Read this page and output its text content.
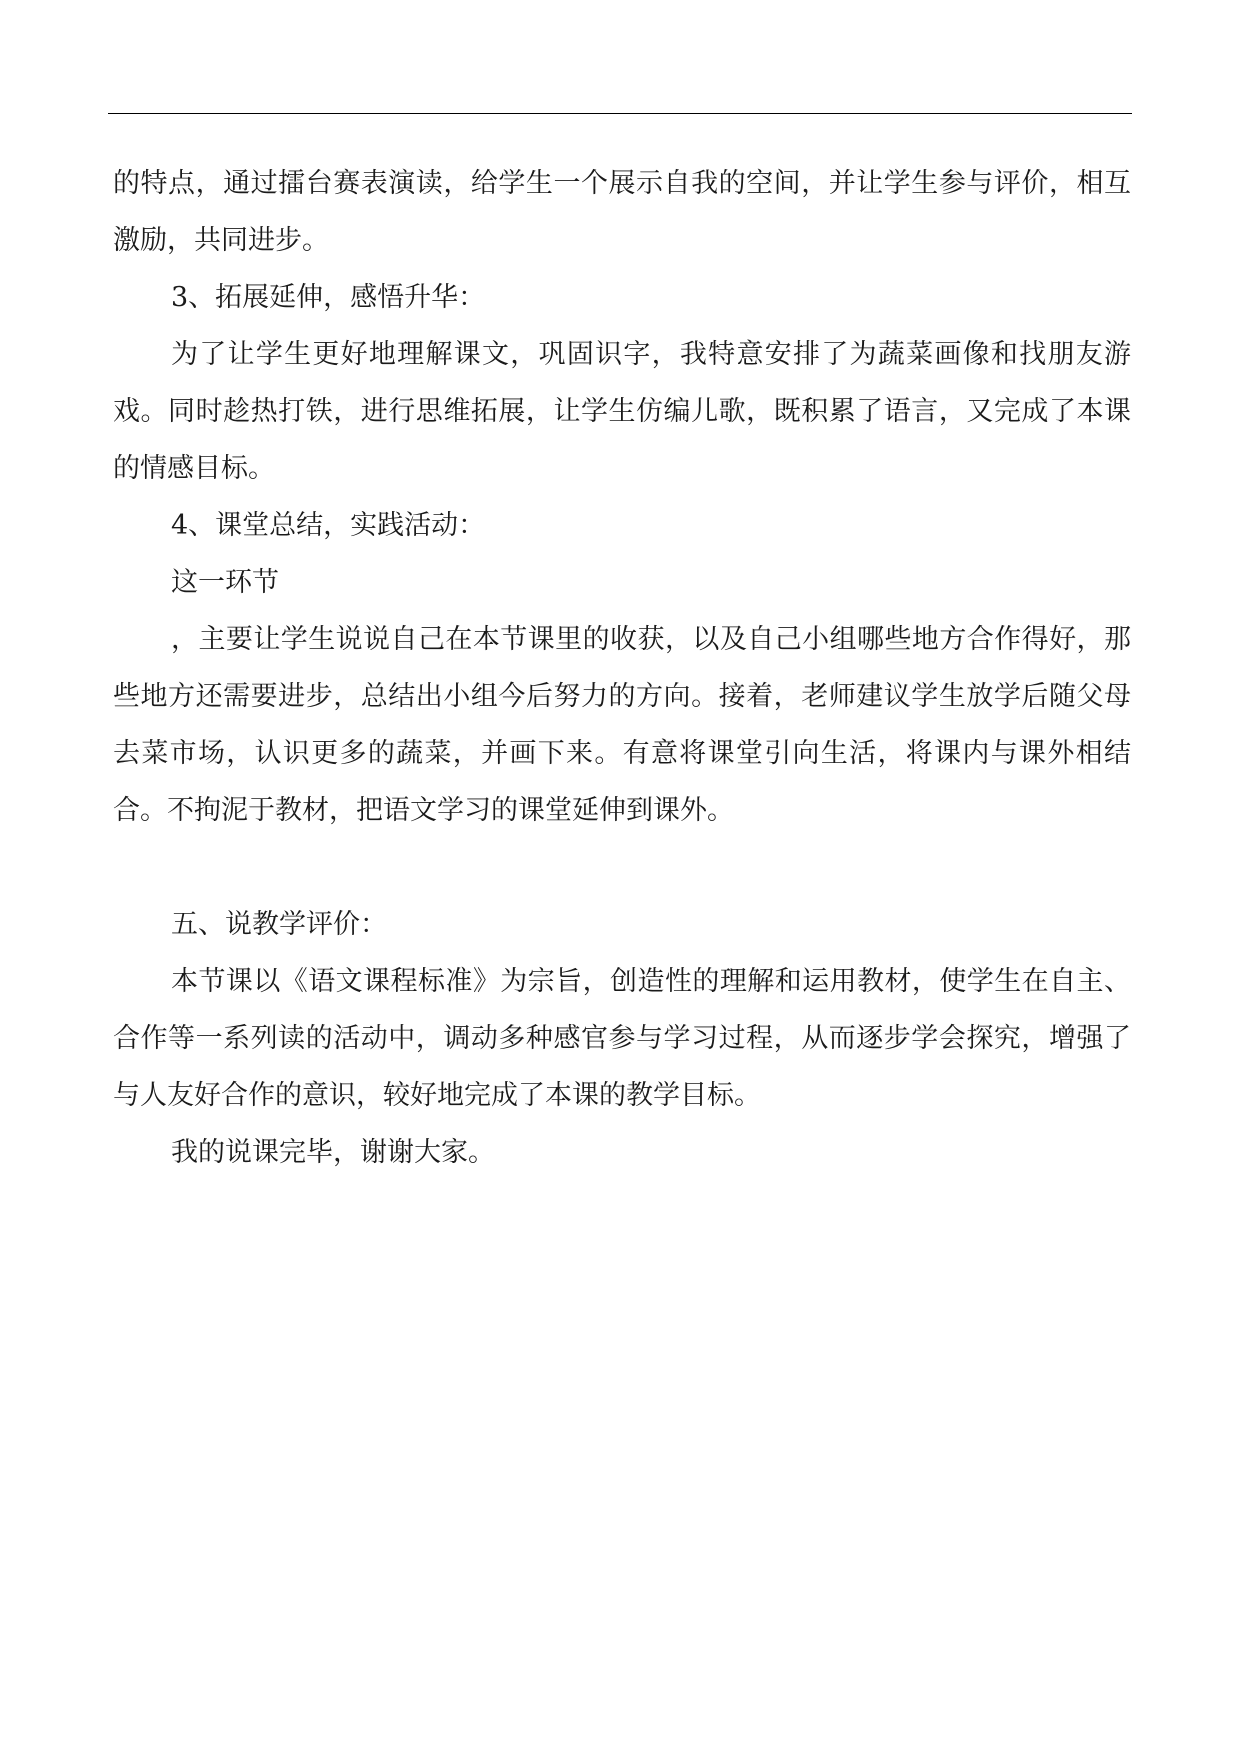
的特点，通过擂台赛表演读，给学生一个展示自我的空间，并让学生参与评价，相互激励，共同进步。

3、拓展延伸，感悟升华：

为了让学生更好地理解课文，巩固识字，我特意安排了为蔬菜画像和找朋友游戏。同时趁热打铁，进行思维拓展，让学生仿编儿歌，既积累了语言，又完成了本课的情感目标。

4、课堂总结，实践活动：

这一环节

，主要让学生说说自己在本节课里的收获，以及自己小组哪些地方合作得好，那些地方还需要进步，总结出小组今后努力的方向。接着，老师建议学生放学后随父母去菜市场，认识更多的蔬菜，并画下来。有意将课堂引向生活，将课内与课外相结合。不拘泥于教材，把语文学习的课堂延伸到课外。

五、说教学评价：

本节课以《语文课程标准》为宗旨，创造性的理解和运用教材，使学生在自主、合作等一系列读的活动中，调动多种感官参与学习过程，从而逐步学会探究，增强了与人友好合作的意识，较好地完成了本课的教学目标。

我的说课完毕，谢谢大家。
